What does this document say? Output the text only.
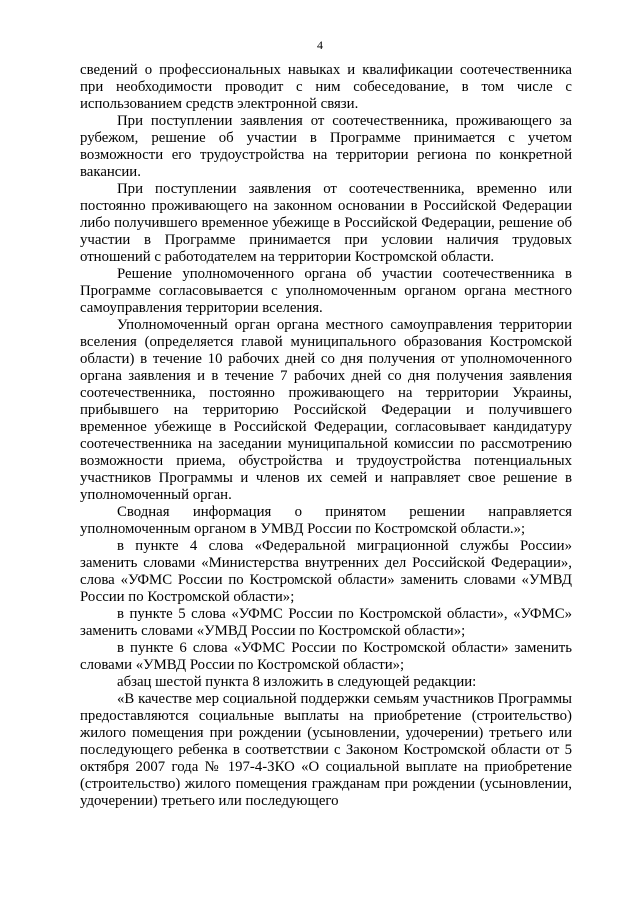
4

сведений о профессиональных навыках и квалификации соотечественника при необходимости проводит с ним собеседование, в том числе с использованием средств электронной связи.

При поступлении заявления от соотечественника, проживающего за рубежом, решение об участии в Программе принимается с учетом возможности его трудоустройства на территории региона по конкретной вакансии.

При поступлении заявления от соотечественника, временно или постоянно проживающего на законном основании в Российской Федерации либо получившего временное убежище в Российской Федерации, решение об участии в Программе принимается при условии наличия трудовых отношений с работодателем на территории Костромской области.

Решение уполномоченного органа об участии соотечественника в Программе согласовывается с уполномоченным органом органа местного самоуправления территории вселения.

Уполномоченный орган органа местного самоуправления территории вселения (определяется главой муниципального образования Костромской области) в течение 10 рабочих дней со дня получения от уполномоченного органа заявления и в течение 7 рабочих дней со дня получения заявления соотечественника, постоянно проживающего на территории Украины, прибывшего на территорию Российской Федерации и получившего временное убежище в Российской Федерации, согласовывает кандидатуру соотечественника на заседании муниципальной комиссии по рассмотрению возможности приема, обустройства и трудоустройства потенциальных участников Программы и членов их семей и направляет свое решение в уполномоченный орган.

Сводная информация о принятом решении направляется уполномоченным органом в УМВД России по Костромской области.»;

в пункте 4 слова «Федеральной миграционной службы России» заменить словами «Министерства внутренних дел Российской Федерации», слова «УФМС России по Костромской области» заменить словами «УМВД России по Костромской области»;

в пункте 5 слова «УФМС России по Костромской области», «УФМС» заменить словами «УМВД России по Костромской области»;

в пункте 6 слова «УФМС России по Костромской области» заменить словами «УМВД России по Костромской области»;

абзац шестой пункта 8 изложить в следующей редакции:

«В качестве мер социальной поддержки семьям участников Программы предоставляются социальные выплаты на приобретение (строительство) жилого помещения при рождении (усыновлении, удочерении) третьего или последующего ребенка в соответствии с Законом Костромской области от 5 октября 2007 года № 197-4-ЗКО «О социальной выплате на приобретение (строительство) жилого помещения гражданам при рождении (усыновлении, удочерении) третьего или последующего
